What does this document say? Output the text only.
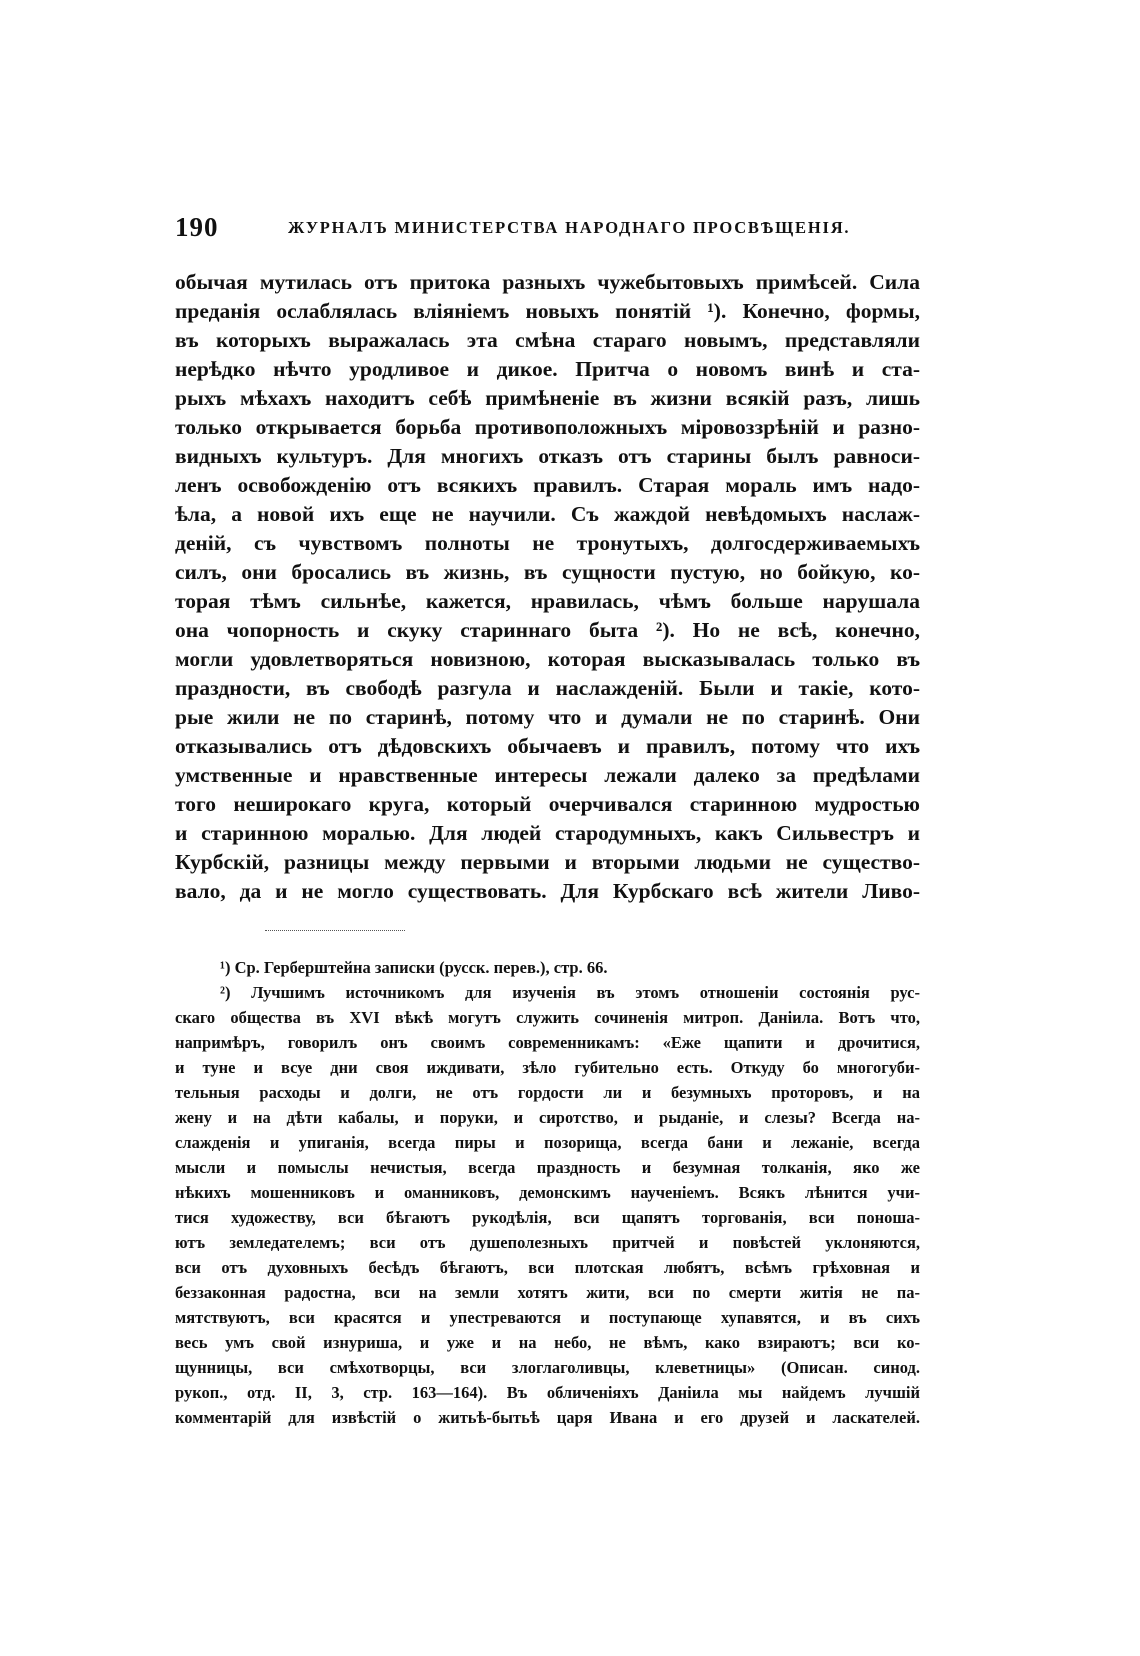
190	ЖУРНАЛЪ МИНИСТЕРСТВА НАРОДНАГО ПРОСВѢЩЕНІЯ.
обычая мутилась отъ притока разныхъ чужебытовыхъ примѣсей. Сила
преданія ослаблялась вліяніемъ новыхъ понятій ¹). Конечно, формы,
въ которыхъ выражалась эта смѣна стараго новымъ, представляли
нерѣдко нѣчто уродливое и дикое. Притча о новомъ винѣ и ста-
рыхъ мѣхахъ находитъ себѣ примѣненіе въ жизни всякій разъ, лишь
только открывается борьба противоположныхъ міровоззрѣній и разно-
видныхъ культуръ. Для многихъ отказъ отъ старины былъ равноси-
ленъ освобожденію отъ всякихъ правилъ. Старая мораль имъ надо-
ѣла, а новой ихъ еще не научили. Съ жаждой невѣдомыхъ наслаж-
деній, съ чувствомъ полноты не тронутыхъ, долгосдерживаемыхъ
силъ, они бросались въ жизнь, въ сущности пустую, но бойкую, ко-
торая тѣмъ сильнѣе, кажется, нравилась, чѣмъ больше нарушала
она чопорность и скуку стариннаго быта ²). Но не всѣ, конечно,
могли удовлетворяться новизною, которая высказывалась только въ
праздности, въ свободѣ разгула и наслажденій. Были и такіе, кото-
рые жили не по старинѣ, потому что и думали не по старинѣ. Они
отказывались отъ дѣдовскихъ обычаевъ и правилъ, потому что ихъ
умственные и нравственные интересы лежали далеко за предѣлами
того неширокаго круга, который очерчивался старинною мудростью
и старинною моралью. Для людей стародумныхъ, какъ Сильвестръ и
Курбскій, разницы между первыми и вторыми людьми не существо-
вало, да и не могло существовать. Для Курбскаго всѣ жители Ливо-
¹) Ср. Герберштейна записки (русск. перев.), стр. 66.
²) Лучшимъ источникомъ для изученія въ этомъ отношеніи состоянія рус-
скаго общества въ XVI вѣкѣ могутъ служить сочиненія митроп. Даніила. Вотъ что,
напримѣръ, говорилъ онъ своимъ современникамъ: «Еже щапити и дрочитися,
и туне и всуе дни своя иждивати, зѣло губительно есть. Откуду бо многогуби-
тельныя расходы и долги, не отъ гордости ли и безумныхъ проторовъ, и на
жену и на дѣти кабалы, и поруки, и сиротство, и рыданіе, и слезы? Всегда на-
слажденія и упиганія, всегда пиры и позорища, всегда бани и лежаніе, всегда
мысли и помыслы нечистыя, всегда праздность и безумная толканія, яко же
нѣкихъ мошенниковъ и оманниковъ, демонскимъ наученіемъ. Всякъ лѣнится учи-
тися художеству, вси бѣгаютъ рукодѣлія, вси щапятъ торгованія, вси поноша-
ютъ земледателемъ; вси отъ душеполезныхъ притчей и повѣстей уклоняются,
вси отъ духовныхъ бесѣдъ бѣгаютъ, вси плотская любятъ, всѣмъ грѣховная и
беззаконная радостна, вси на земли хотятъ жити, вси по смерти житія не па-
мятствуютъ, вси красятся и упестреваются и поступающе хупавятся, и въ сихъ
весь умъ свой изнуриша, и уже и на небо, не вѣмъ, како взираютъ; вси ко-
щунницы, вси смѣхотворцы, вси злоглаголивцы, клеветницы» (Описан. синод.
рукоп., отд. II, 3, стр. 163—164). Въ обличеніяхъ Даніила мы найдемъ лучшій
комментарій для извѣстій о житьѣ-бытьѣ царя Ивана и его друзей и ласкателей.
